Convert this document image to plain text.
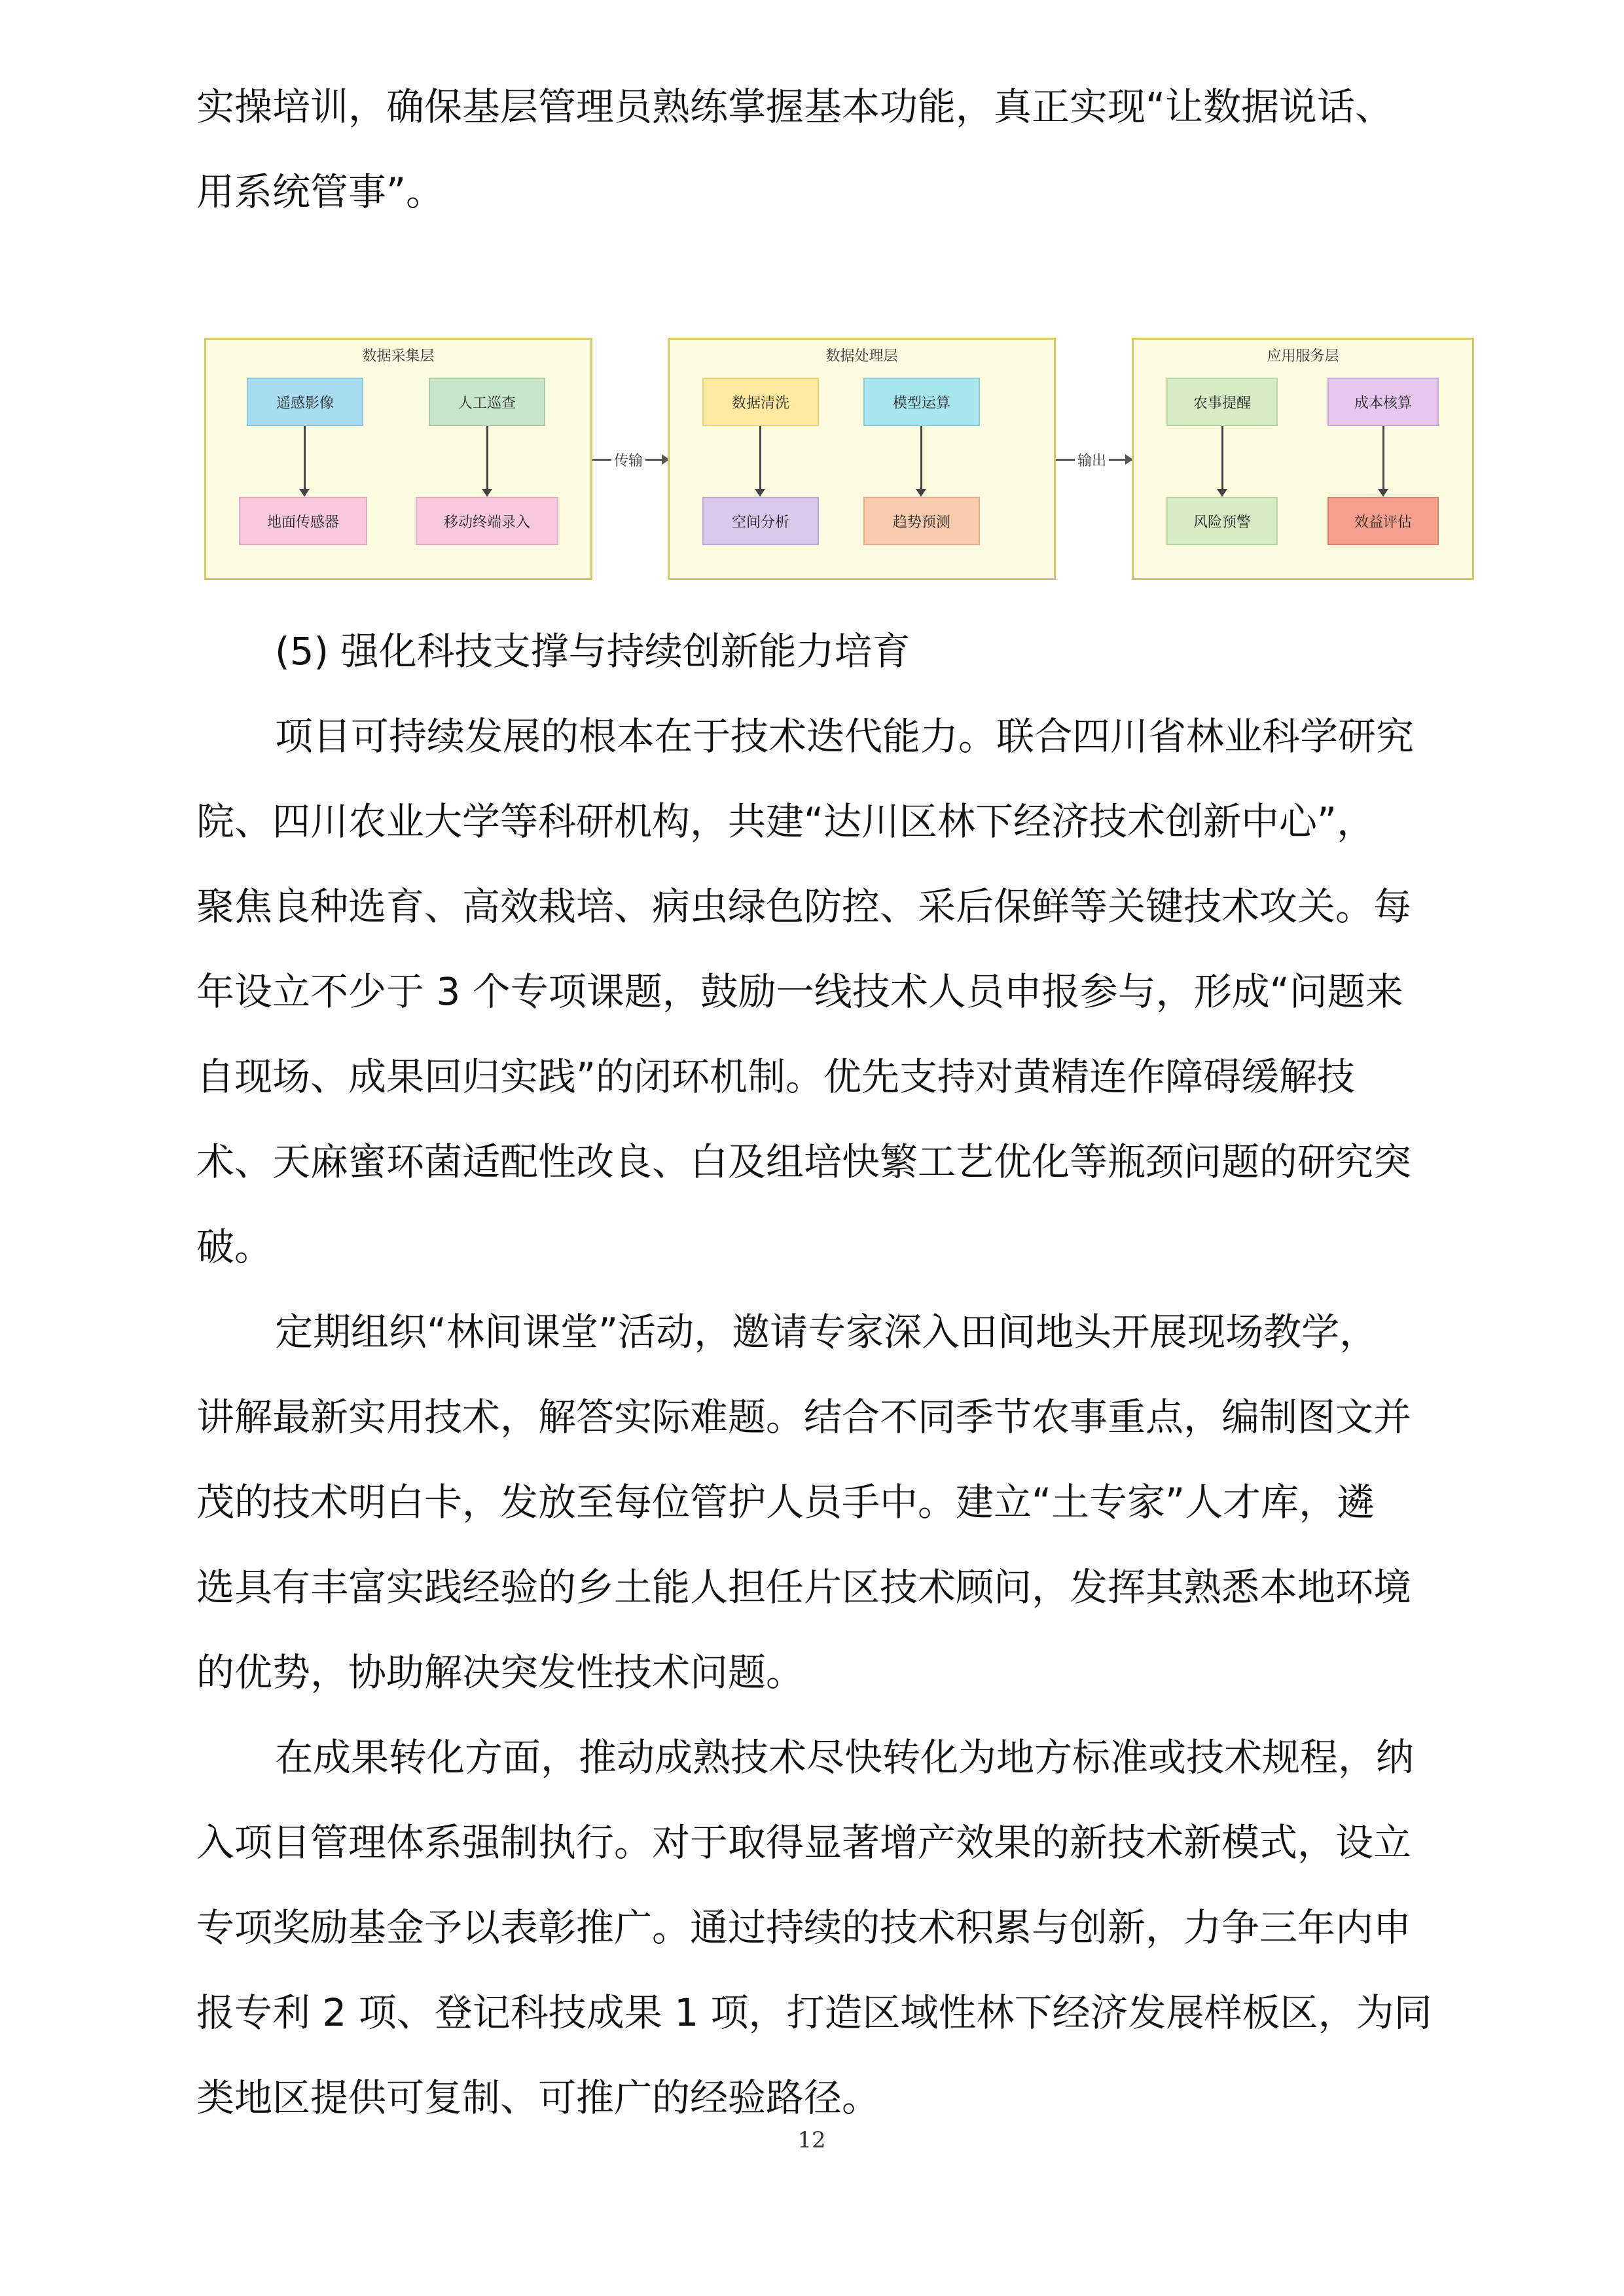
实操培训，确保基层管理员熟练掌握基本功能，真正实现“让数据说话、
用系统管事”。
数据采集层
遥感影像	人工巡查
地面传感器	移动终端录入
传输
数据清洗
数据处理层
模型运算
空间分析	趋势预测
输出
应用服务层
农事提醒	成本核算
风险预警	效益评估
(5) 强化科技支撑与持续创新能力培育
项目可持续发展的根本在于技术迭代能力。联合四川省林业科学研究
院、四川农业大学等科研机构，共建“达川区林下经济技术创新中心”，
聚焦良种选育、高效栽培、病虫绿色防控、采后保鲜等关键技术攻关。每
年设立不少于 3 个专项课题，鼓励一线技术人员申报参与，形成“问题来
自现场、成果回归实践”的闭环机制。优先支持对黄精连作障碍缓解技
术、天麻蜜环菌适配性改良、白及组培快繁工艺优化等瓶颈问题的研究突
破。
定期组织“林间课堂”活动，邀请专家深入田间地头开展现场教学，
讲解最新实用技术，解答实际难题。结合不同季节农事重点，编制图文并
茂的技术明白卡，发放至每位管护人员手中。建立“土专家”人才库，遴
选具有丰富实践经验的乡土能人担任片区技术顾问，发挥其熟悉本地环境
的优势，协助解决突发性技术问题。
在成果转化方面，推动成熟技术尽快转化为地方标准或技术规程，纳
入项目管理体系强制执行。对于取得显著增产效果的新技术新模式，设立
专项奖励基金予以表彰推广。通过持续的技术积累与创新，力争三年内申
报专利 2 项、登记科技成果 1 项，打造区域性林下经济发展样板区，为同
类地区提供可复制、可推广的经验路径。
12
